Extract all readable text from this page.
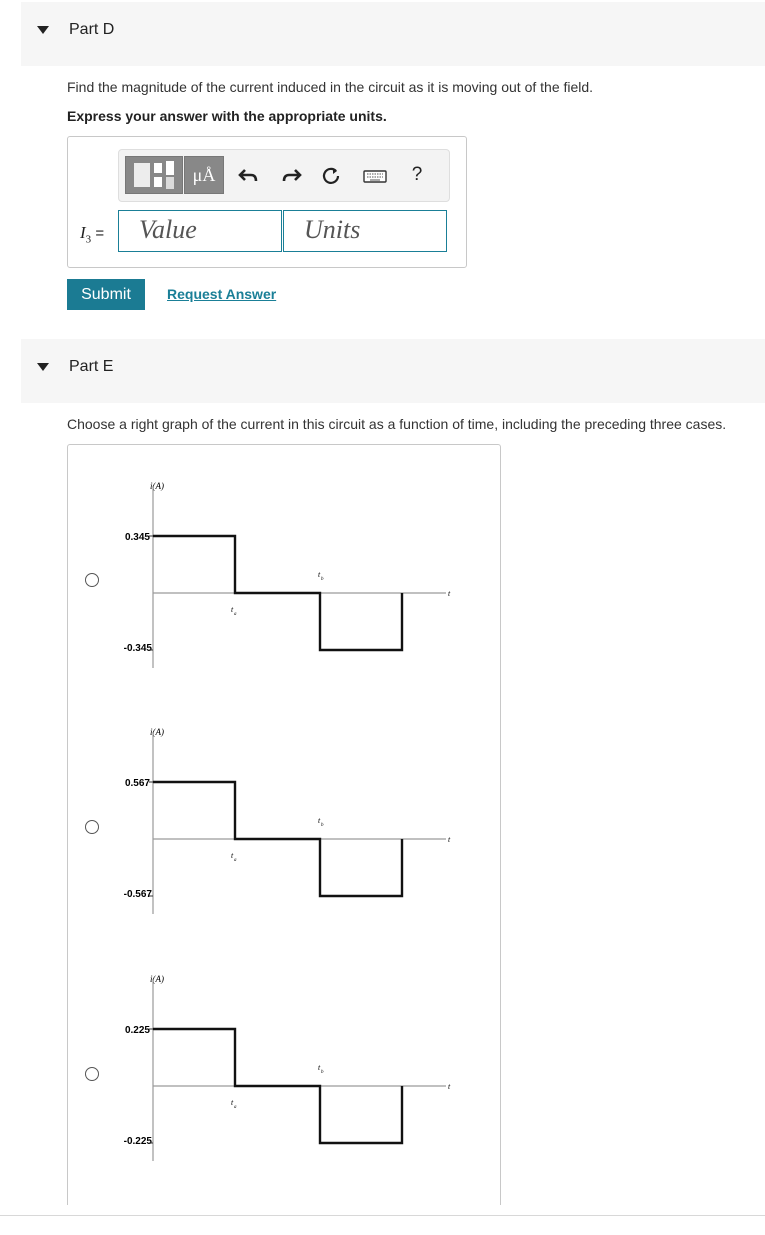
Part D
Find the magnitude of the current induced in the circuit as it is moving out of the field.
Express your answer with the appropriate units.
μÅ	?
$I_3$ =	Value	Units
Submit	Request Answer
Part E
Choose a right graph of the current in this circuit as a function of time, including the preceding three cases.
i(A)
0.345
-0.345
t
t
a
t
b
i(A)
0.567
-0.567
t
t
a
t
b
i(A)
0.225
-0.225
t
t
a
t
b
